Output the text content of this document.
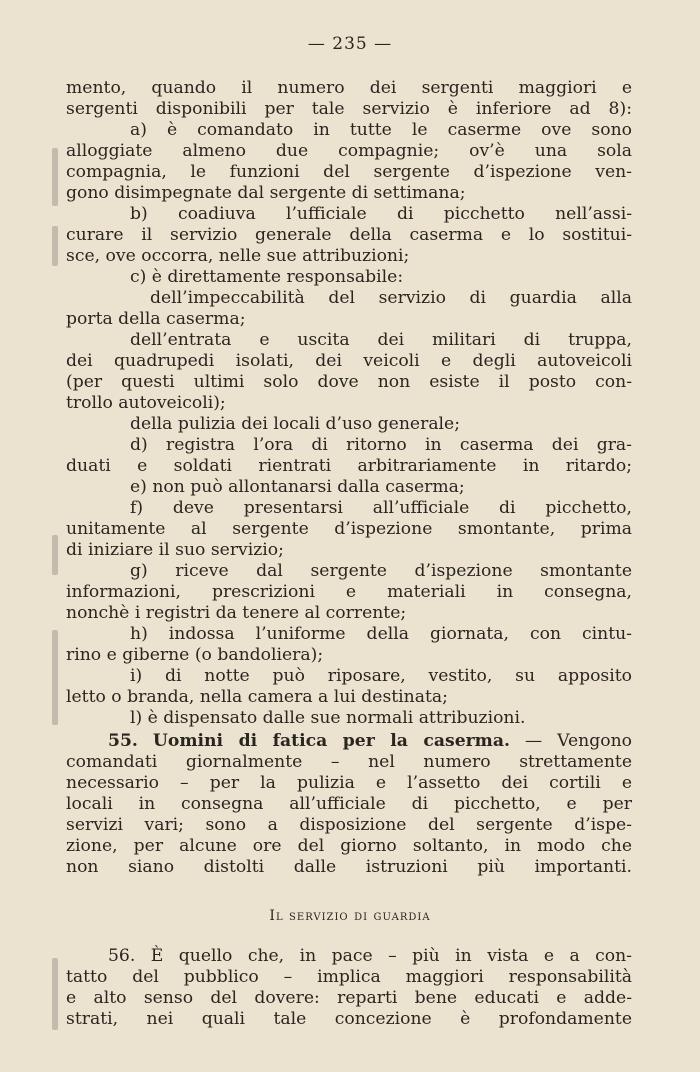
— 235 —
mento, quando il numero dei sergenti maggiori e
sergenti disponibili per tale servizio è inferiore ad 8):
a) è comandato in tutte le caserme ove sono
alloggiate almeno due compagnie; ov’è una sola
compagnia, le funzioni del sergente d’ispezione ven-
gono disimpegnate dal sergente di settimana;
b) coadiuva l’ufficiale di picchetto nell’assi-
curare il servizio generale della caserma e lo sostitui-
sce, ove occorra, nelle sue attribuzioni;
c) è direttamente responsabile:
dell’impeccabilità del servizio di guardia alla
porta della caserma;
dell’entrata e uscita dei militari di truppa,
dei quadrupedi isolati, dei veicoli e degli autoveicoli
(per questi ultimi solo dove non esiste il posto con-
trollo autoveicoli);
della pulizia dei locali d’uso generale;
d) registra l’ora di ritorno in caserma dei gra-
duati e soldati rientrati arbitrariamente in ritardo;
e) non può allontanarsi dalla caserma;
f) deve presentarsi all’ufficiale di picchetto,
unitamente al sergente d’ispezione smontante, prima
di iniziare il suo servizio;
g) riceve dal sergente d’ispezione smontante
informazioni, prescrizioni e materiali in consegna,
nonchè i registri da tenere al corrente;
h) indossa l’uniforme della giornata, con cintu-
rino e giberne (o bandoliera);
i) di notte può riposare, vestito, su apposito
letto o branda, nella camera a lui destinata;
l) è dispensato dalle sue normali attribuzioni.
55. Uomini di fatica per la caserma. — Vengono
comandati giornalmente – nel numero strettamente
necessario – per la pulizia e l’assetto dei cortili e
locali in consegna all’ufficiale di picchetto, e per
servizi vari; sono a disposizione del sergente d’ispe-
zione, per alcune ore del giorno soltanto, in modo che
non siano distolti dalle istruzioni più importanti.
Il servizio di guardia
56. È quello che, in pace – più in vista e a con-
tatto del pubblico – implica maggiori responsabilità
e alto senso del dovere: reparti bene educati e adde-
strati, nei quali tale concezione è profondamente
